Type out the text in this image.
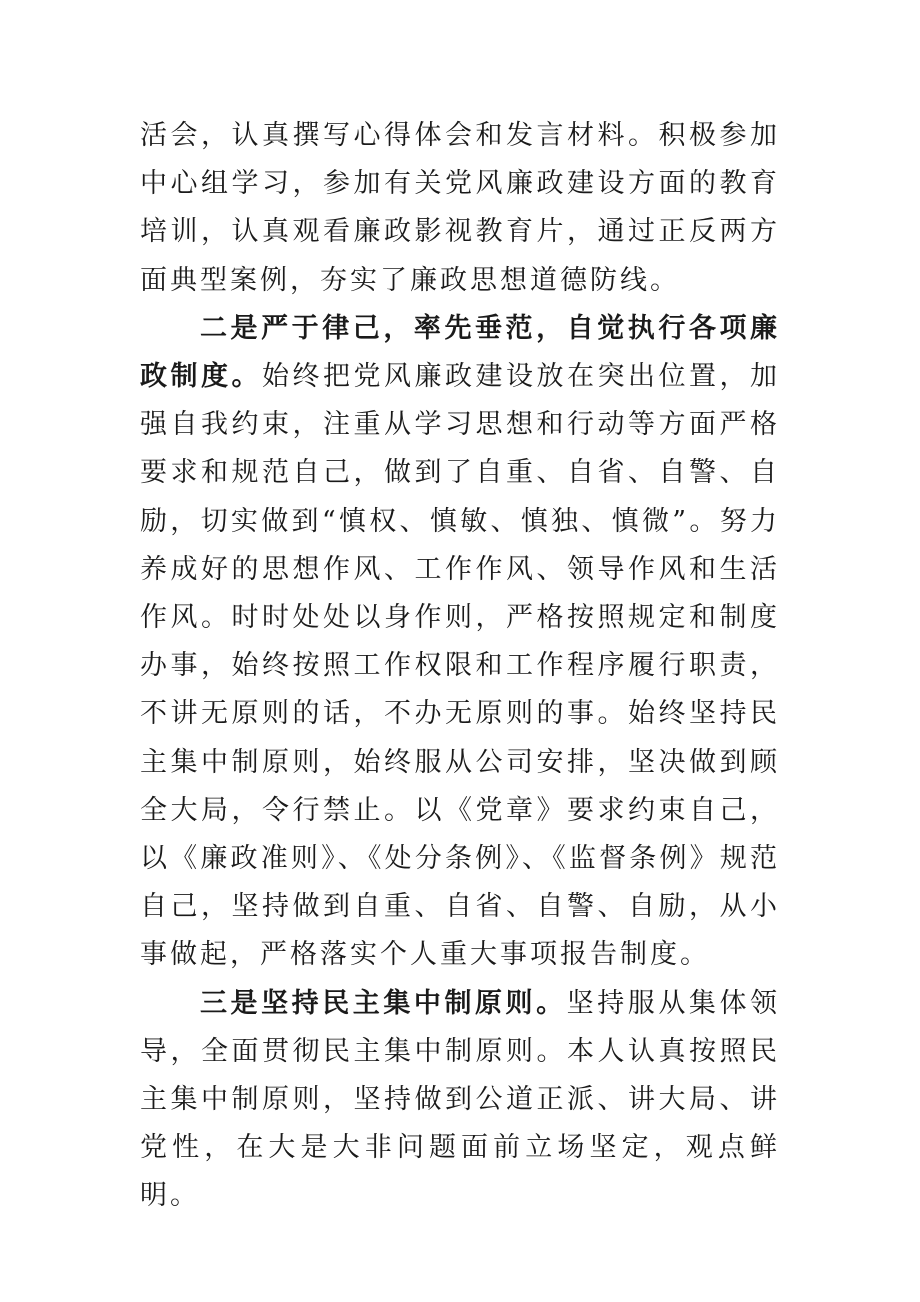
活会，认真撰写心得体会和发言材料。积极参加中心组学习，参加有关党风廉政建设方面的教育培训，认真观看廉政影视教育片，通过正反两方面典型案例，夯实了廉政思想道德防线。

二是严于律己，率先垂范，自觉执行各项廉政制度。始终把党风廉政建设放在突出位置，加强自我约束，注重从学习思想和行动等方面严格要求和规范自己，做到了自重、自省、自警、自励，切实做到“慎权、慎敏、慎独、慎微”。努力养成好的思想作风、工作作风、领导作风和生活作风。时时处处以身作则，严格按照规定和制度办事，始终按照工作权限和工作程序履行职责，不讲无原则的话，不办无原则的事。始终坚持民主集中制原则，始终服从公司安排，坚决做到顾全大局，令行禁止。以《党章》要求约束自己，以《廉政准则》、《处分条例》、《监督条例》规范自己，坚持做到自重、自省、自警、自励，从小事做起，严格落实个人重大事项报告制度。

三是坚持民主集中制原则。坚持服从集体领导，全面贯彻民主集中制原则。本人认真按照民主集中制原则，坚持做到公道正派、讲大局、讲党性，在大是大非问题面前立场坚定，观点鲜明。
